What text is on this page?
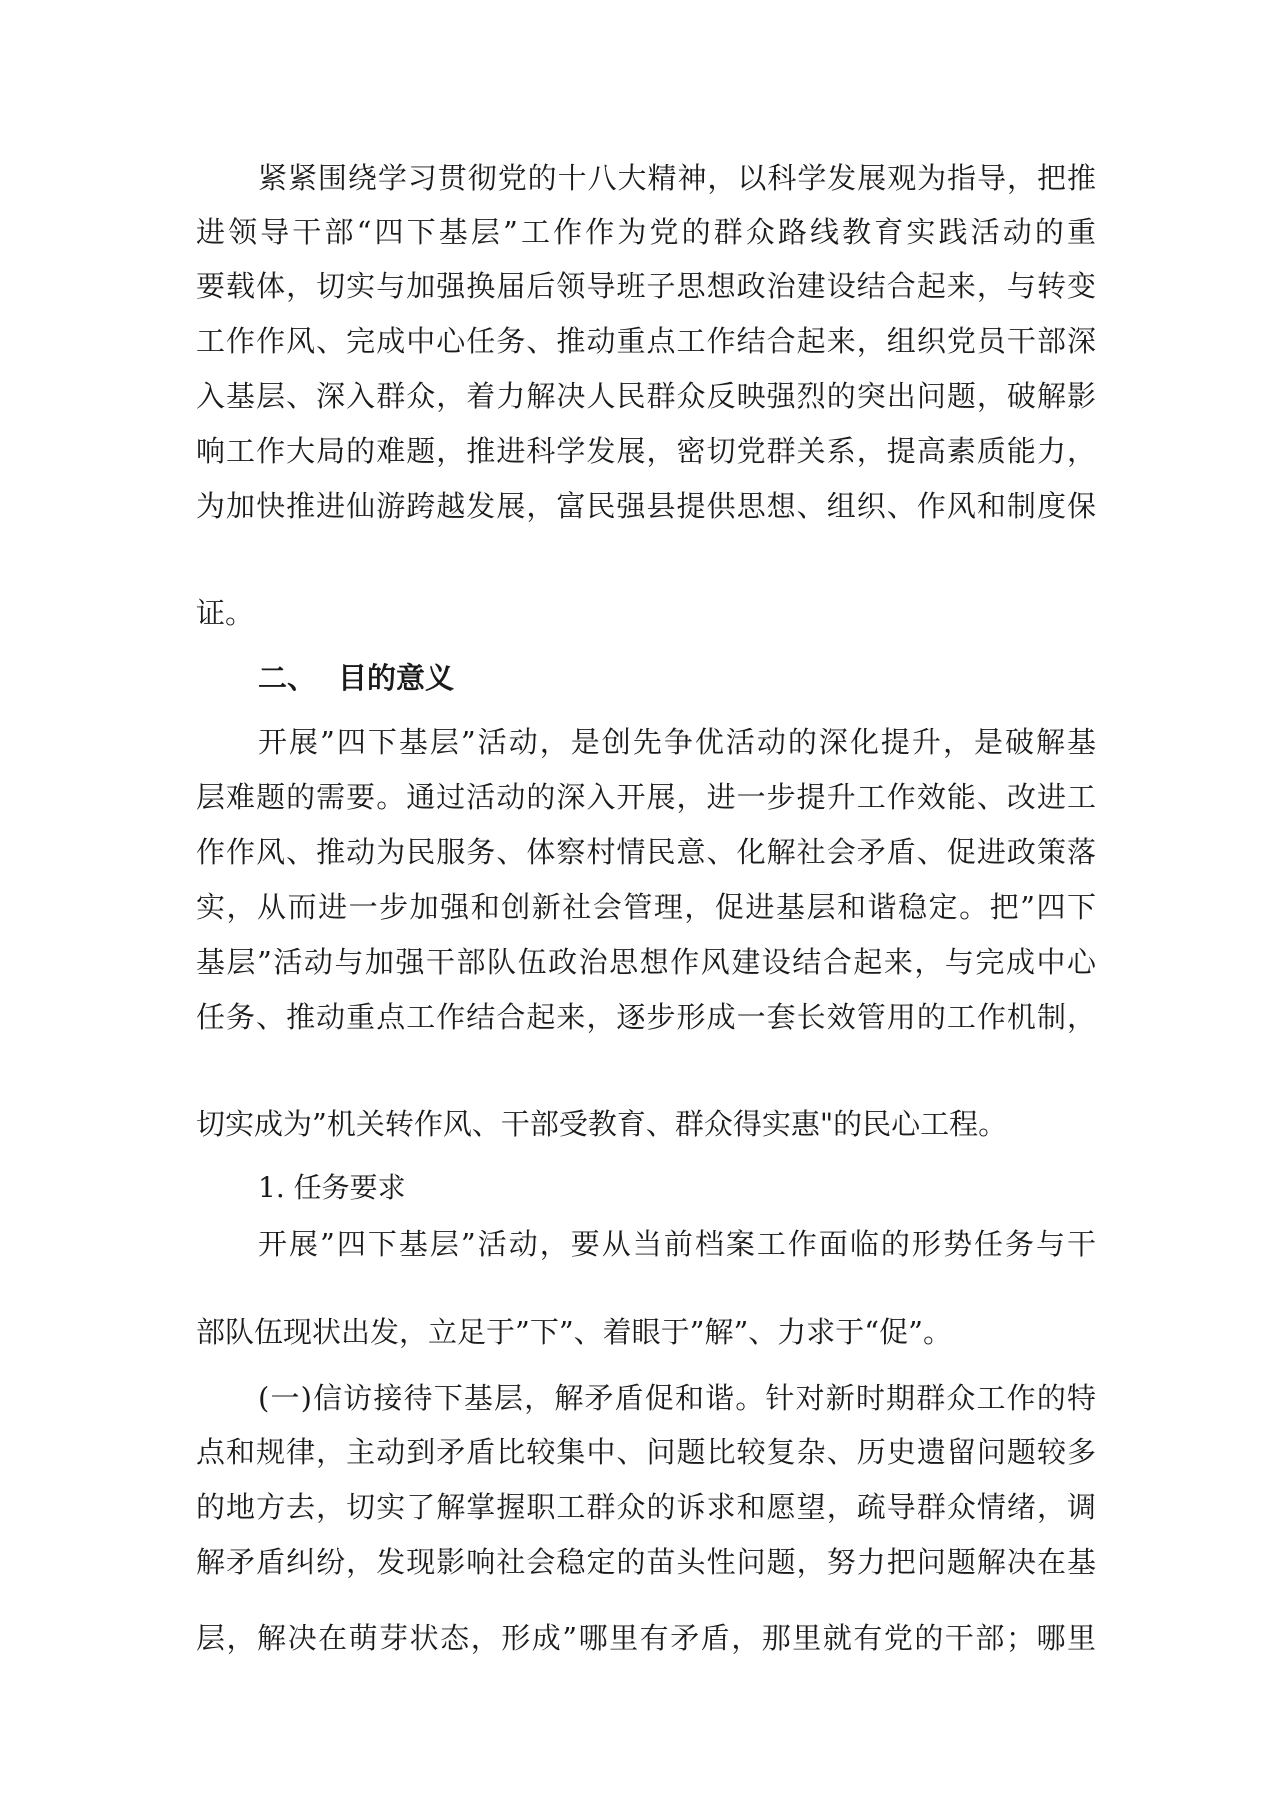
紧紧围绕学习贯彻党的十八大精神，以科学发展观为指导，把推
进领导干部“四下基层”工作作为党的群众路线教育实践活动的重
要载体，切实与加强换届后领导班子思想政治建设结合起来，与转变
工作作风、完成中心任务、推动重点工作结合起来，组织党员干部深
入基层、深入群众，着力解决人民群众反映强烈的突出问题，破解影
响工作大局的难题，推进科学发展，密切党群关系，提高素质能力，
为加快推进仙游跨越发展，富民强县提供思想、组织、作风和制度保
证。
二、 目的意义
开展”四下基层”活动，是创先争优活动的深化提升，是破解基
层难题的需要。通过活动的深入开展，进一步提升工作效能、改进工
作作风、推动为民服务、体察村情民意、化解社会矛盾、促进政策落
实，从而进一步加强和创新社会管理，促进基层和谐稳定。把”四下
基层”活动与加强干部队伍政治思想作风建设结合起来，与完成中心
任务、推动重点工作结合起来，逐步形成一套长效管用的工作机制，
切实成为”机关转作风、干部受教育、群众得实惠"的民心工程。
1. 任务要求
开展”四下基层”活动，要从当前档案工作面临的形势任务与干
部队伍现状出发，立足于”下”、着眼于”解”、力求于“促”。
(一)信访接待下基层，解矛盾促和谐。针对新时期群众工作的特
点和规律，主动到矛盾比较集中、问题比较复杂、历史遗留问题较多
的地方去，切实了解掌握职工群众的诉求和愿望，疏导群众情绪，调
解矛盾纠纷，发现影响社会稳定的苗头性问题，努力把问题解决在基
层，解决在萌芽状态，形成”哪里有矛盾，那里就有党的干部；哪里
